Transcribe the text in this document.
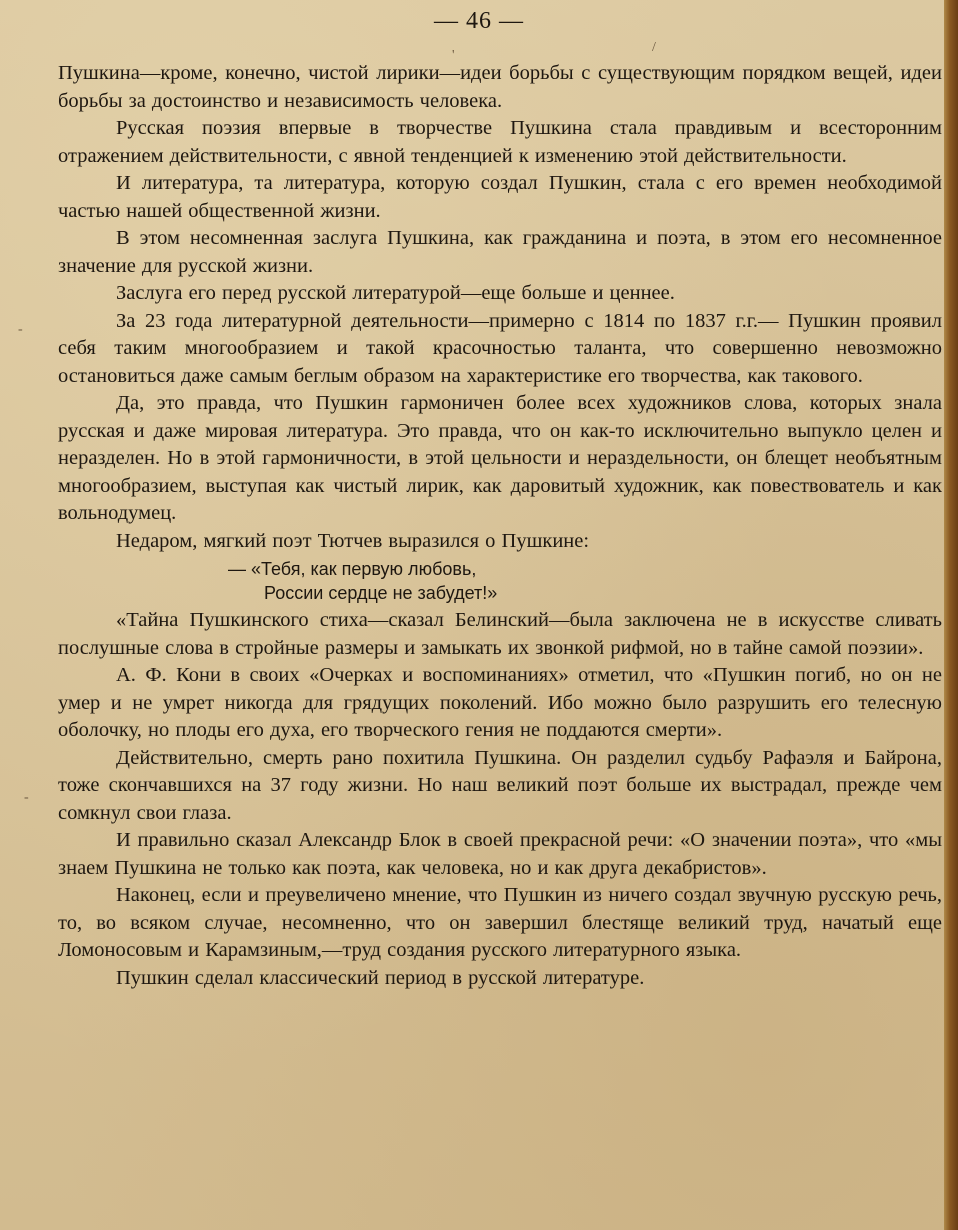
'
/
-
-
— 46 —

Пушкина—кроме, конечно, чистой лирики—идеи борьбы с существующим порядком вещей, идеи борьбы за достоинство и независимость человека.

Русская поэзия впервые в творчестве Пушкина стала правдивым и всесторонним отражением действительности, с явной тенденцией к изменению этой действительности.

И литература, та литература, которую создал Пушкин, стала с его времен необходимой частью нашей общественной жизни.

В этом несомненная заслуга Пушкина, как гражданина и поэта, в этом его несомненное значение для русской жизни.

Заслуга его перед русской литературой—еще больше и ценнее.

За 23 года литературной деятельности—примерно с 1814 по 1837 г.г.— Пушкин проявил себя таким многообразием и такой красочностью таланта, что совершенно невозможно остановиться даже самым беглым образом на характеристике его творчества, как такового.

Да, это правда, что Пушкин гармоничен более всех художников слова, которых знала русская и даже мировая литература. Это правда, что он как-то исключительно выпукло целен и неразделен. Но в этой гармоничности, в этой цельности и нераздельности, он блещет необъятным многообразием, выступая как чистый лирик, как даровитый художник, как повествователь и как вольнодумец.

Недаром, мягкий поэт Тютчев выразился о Пушкине:

— «Тебя, как первую любовь,
России сердце не забудет!»

«Тайна Пушкинского стиха—сказал Белинский—была заключена не в искусстве сливать послушные слова в стройные размеры и замыкать их звонкой рифмой, но в тайне самой поэзии».

А. Ф. Кони в своих «Очерках и воспоминаниях» отметил, что «Пушкин погиб, но он не умер и не умрет никогда для грядущих поколений. Ибо можно было разрушить его телесную оболочку, но плоды его духа, его творческого гения не поддаются смерти».

Действительно, смерть рано похитила Пушкина. Он разделил судьбу Рафаэля и Байрона, тоже скончавшихся на 37 году жизни. Но наш великий поэт больше их выстрадал, прежде чем сомкнул свои глаза.

И правильно сказал Александр Блок в своей прекрасной речи: «О значении поэта», что «мы знаем Пушкина не только как поэта, как человека, но и как друга декабристов».

Наконец, если и преувеличено мнение, что Пушкин из ничего создал звучную русскую речь, то, во всяком случае, несомненно, что он завершил блестяще великий труд, начатый еще Ломоносовым и Карамзиным,—труд создания русского литературного языка.

Пушкин сделал классический период в русской литературе.
